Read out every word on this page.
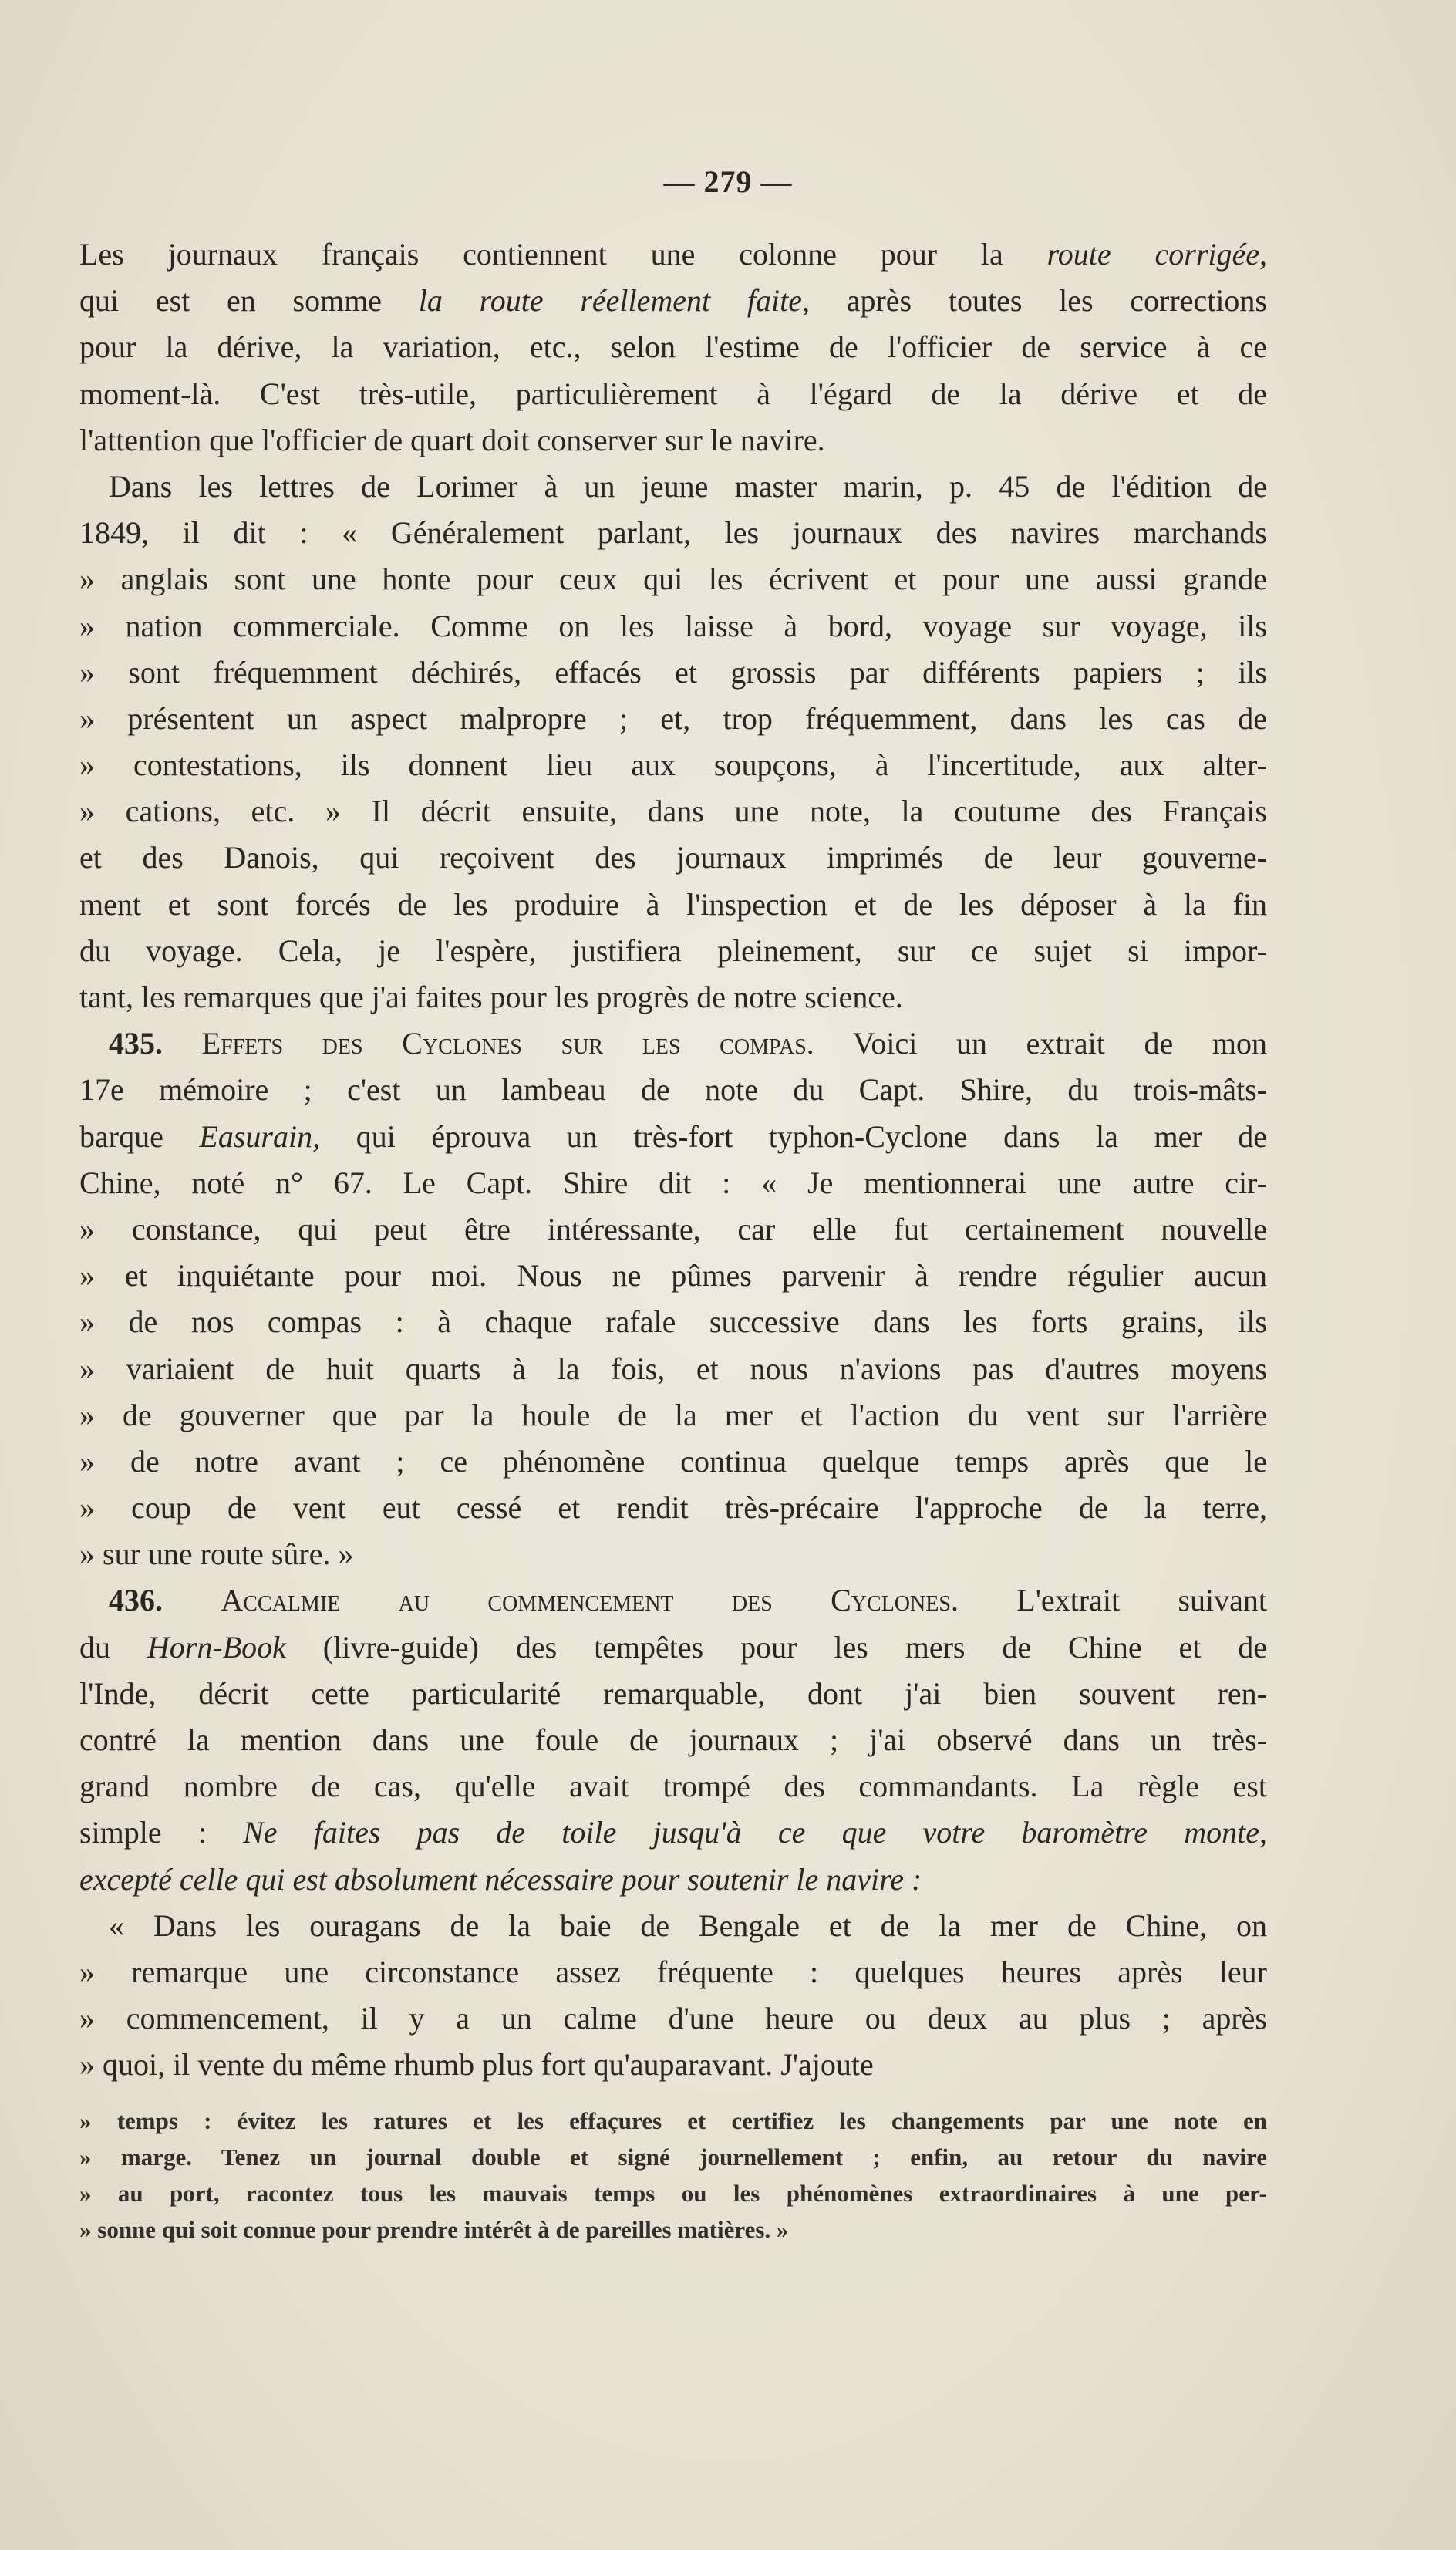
— 279 —
Les journaux français contiennent une colonne pour la route corrigée,
qui est en somme la route réellement faite, après toutes les corrections
pour la dérive, la variation, etc., selon l'estime de l'officier de service à ce
moment-là. C'est très-utile, particulièrement à l'égard de la dérive et de
l'attention que l'officier de quart doit conserver sur le navire.
Dans les lettres de Lorimer à un jeune master marin, p. 45 de l'édition de
1849, il dit : « Généralement parlant, les journaux des navires marchands
» anglais sont une honte pour ceux qui les écrivent et pour une aussi grande
» nation commerciale. Comme on les laisse à bord, voyage sur voyage, ils
» sont fréquemment déchirés, effacés et grossis par différents papiers ; ils
» présentent un aspect malpropre ; et, trop fréquemment, dans les cas de
» contestations, ils donnent lieu aux soupçons, à l'incertitude, aux alter-
» cations, etc. » Il décrit ensuite, dans une note, la coutume des Français
et des Danois, qui reçoivent des journaux imprimés de leur gouverne-
ment et sont forcés de les produire à l'inspection et de les déposer à la fin
du voyage. Cela, je l'espère, justifiera pleinement, sur ce sujet si impor-
tant, les remarques que j'ai faites pour les progrès de notre science.
435. Effets des Cyclones sur les compas. Voici un extrait de mon
17e mémoire ; c'est un lambeau de note du Capt. Shire, du trois-mâts-
barque Easurain, qui éprouva un très-fort typhon-Cyclone dans la mer de
Chine, noté n° 67. Le Capt. Shire dit : « Je mentionnerai une autre cir-
» constance, qui peut être intéressante, car elle fut certainement nouvelle
» et inquiétante pour moi. Nous ne pûmes parvenir à rendre régulier aucun
» de nos compas : à chaque rafale successive dans les forts grains, ils
» variaient de huit quarts à la fois, et nous n'avions pas d'autres moyens
» de gouverner que par la houle de la mer et l'action du vent sur l'arrière
» de notre avant ; ce phénomène continua quelque temps après que le
» coup de vent eut cessé et rendit très-précaire l'approche de la terre,
» sur une route sûre. »
436. Accalmie au commencement des Cyclones. L'extrait suivant
du Horn-Book (livre-guide) des tempêtes pour les mers de Chine et de
l'Inde, décrit cette particularité remarquable, dont j'ai bien souvent ren-
contré la mention dans une foule de journaux ; j'ai observé dans un très-
grand nombre de cas, qu'elle avait trompé des commandants. La règle est
simple : Ne faites pas de toile jusqu'à ce que votre baromètre monte,
excepté celle qui est absolument nécessaire pour soutenir le navire :
« Dans les ouragans de la baie de Bengale et de la mer de Chine, on
» remarque une circonstance assez fréquente : quelques heures après leur
» commencement, il y a un calme d'une heure ou deux au plus ; après
» quoi, il vente du même rhumb plus fort qu'auparavant. J'ajoute
» temps : évitez les ratures et les effaçures et certifiez les changements par une note en
» marge. Tenez un journal double et signé journellement ; enfin, au retour du navire
» au port, racontez tous les mauvais temps ou les phénomènes extraordinaires à une per-
» sonne qui soit connue pour prendre intérêt à de pareilles matières. »
